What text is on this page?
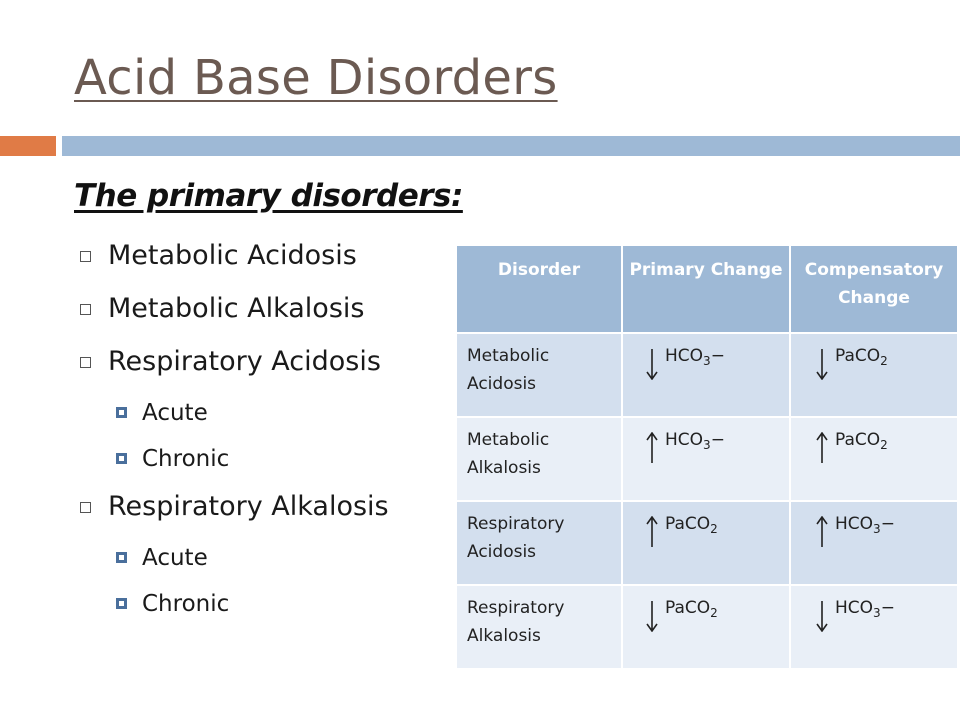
Acid Base Disorders
The primary disorders:
Metabolic Acidosis
Metabolic Alkalosis
Respiratory Acidosis
Acute
Chronic
Respiratory Alkalosis
Acute
Chronic
Disorder	Primary Change	Compensatory Change
Metabolic Acidosis	$HCO_3-$	PaCO$_2$
Metabolic Alkalosis	$HCO_3-$	PaCO$_2$
Respiratory Acidosis	PaCO$_2$	$HCO_3-$
Respiratory Alkalosis	PaCO$_2$	$HCO_3-$
